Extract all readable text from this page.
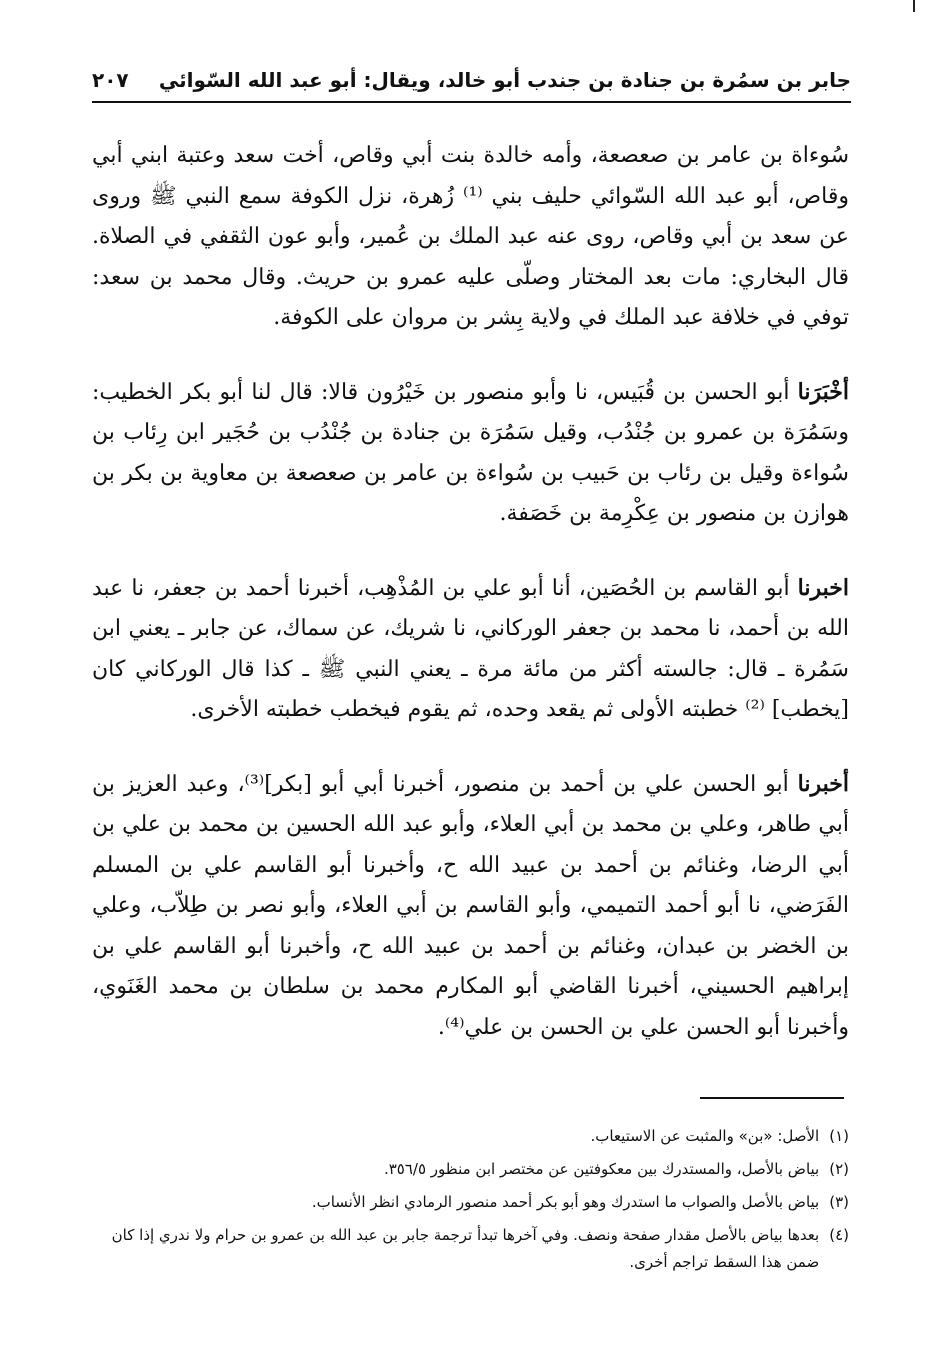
جابر بن سمُرة بن جنادة بن جندب أبو خالد، ويقال: أبو عبد الله السّوائي
٢٠٧

سُوءاة بن عامر بن صعصعة، وأمه خالدة بنت أبي وقاص، أخت سعد وعتبة ابني أبي وقاص، أبو عبد الله السّوائي حليف بني ⁽¹⁾ زُهرة، نزل الكوفة سمع النبي ﷺ وروى عن سعد بن أبي وقاص، روى عنه عبد الملك بن عُمير، وأبو عون الثقفي في الصلاة. قال البخاري: مات بعد المختار وصلّى عليه عمرو بن حريث. وقال محمد بن سعد: توفي في خلافة عبد الملك في ولاية بِشر بن مروان على الكوفة.

أخْبَرَنا أبو الحسن بن قُبَيس، نا وأبو منصور بن خَيْرُون قالا: قال لنا أبو بكر الخطيب: وسَمُرَة بن عمرو بن جُنْدُب، وقيل سَمُرَة بن جنادة بن جُنْدُب بن حُجَير ابن رِئاب بن سُواءة وقيل بن رئاب بن حَبيب بن سُواءة بن عامر بن صعصعة بن معاوية بن بكر بن هوازن بن منصور بن عِكْرِمة بن خَصَفة.

اخبرنا أبو القاسم بن الحُصَين، أنا أبو علي بن المُذْهِب، أخبرنا أحمد بن جعفر، نا عبد الله بن أحمد، نا محمد بن جعفر الوركاني، نا شريك، عن سماك، عن جابر ـ يعني ابن سَمُرة ـ قال: جالسته أكثر من مائة مرة ـ يعني النبي ﷺ ـ كذا قال الوركاني كان [يخطب] ⁽²⁾ خطبته الأولى ثم يقعد وحده، ثم يقوم فيخطب خطبته الأخرى.

أخبرنا أبو الحسن علي بن أحمد بن منصور، أخبرنا أبي أبو [بكر]⁽³⁾، وعبد العزيز بن أبي طاهر، وعلي بن محمد بن أبي العلاء، وأبو عبد الله الحسين بن محمد بن علي بن أبي الرضا، وغنائم بن أحمد بن عبيد الله ح، وأخبرنا أبو القاسم علي بن المسلم الفَرَضي، نا أبو أحمد التميمي، وأبو القاسم بن أبي العلاء، وأبو نصر بن طِلاّب، وعلي بن الخضر بن عبدان، وغنائم بن أحمد بن عبيد الله ح، وأخبرنا أبو القاسم علي بن إبراهيم الحسيني، أخبرنا القاضي أبو المكارم محمد بن سلطان بن محمد الغَنَوي، وأخبرنا أبو الحسن علي بن الحسن بن علي⁽⁴⁾.

(١)
الأصل: «بن» والمثبت عن الاستيعاب.
(٢)
بياض بالأصل، والمستدرك بين معكوفتين عن مختصر ابن منظور ٣٥٦/٥.
(٣)
بياض بالأصل والصواب ما استدرك وهو أبو بكر أحمد منصور الرمادي انظر الأنساب.
(٤)
بعدها بياض بالأصل مقدار صفحة ونصف. وفي آخرها تبدأ ترجمة جابر بن عبد الله بن عمرو بن حرام ولا ندري إذا كان ضمن هذا السقط تراجم أخرى.
